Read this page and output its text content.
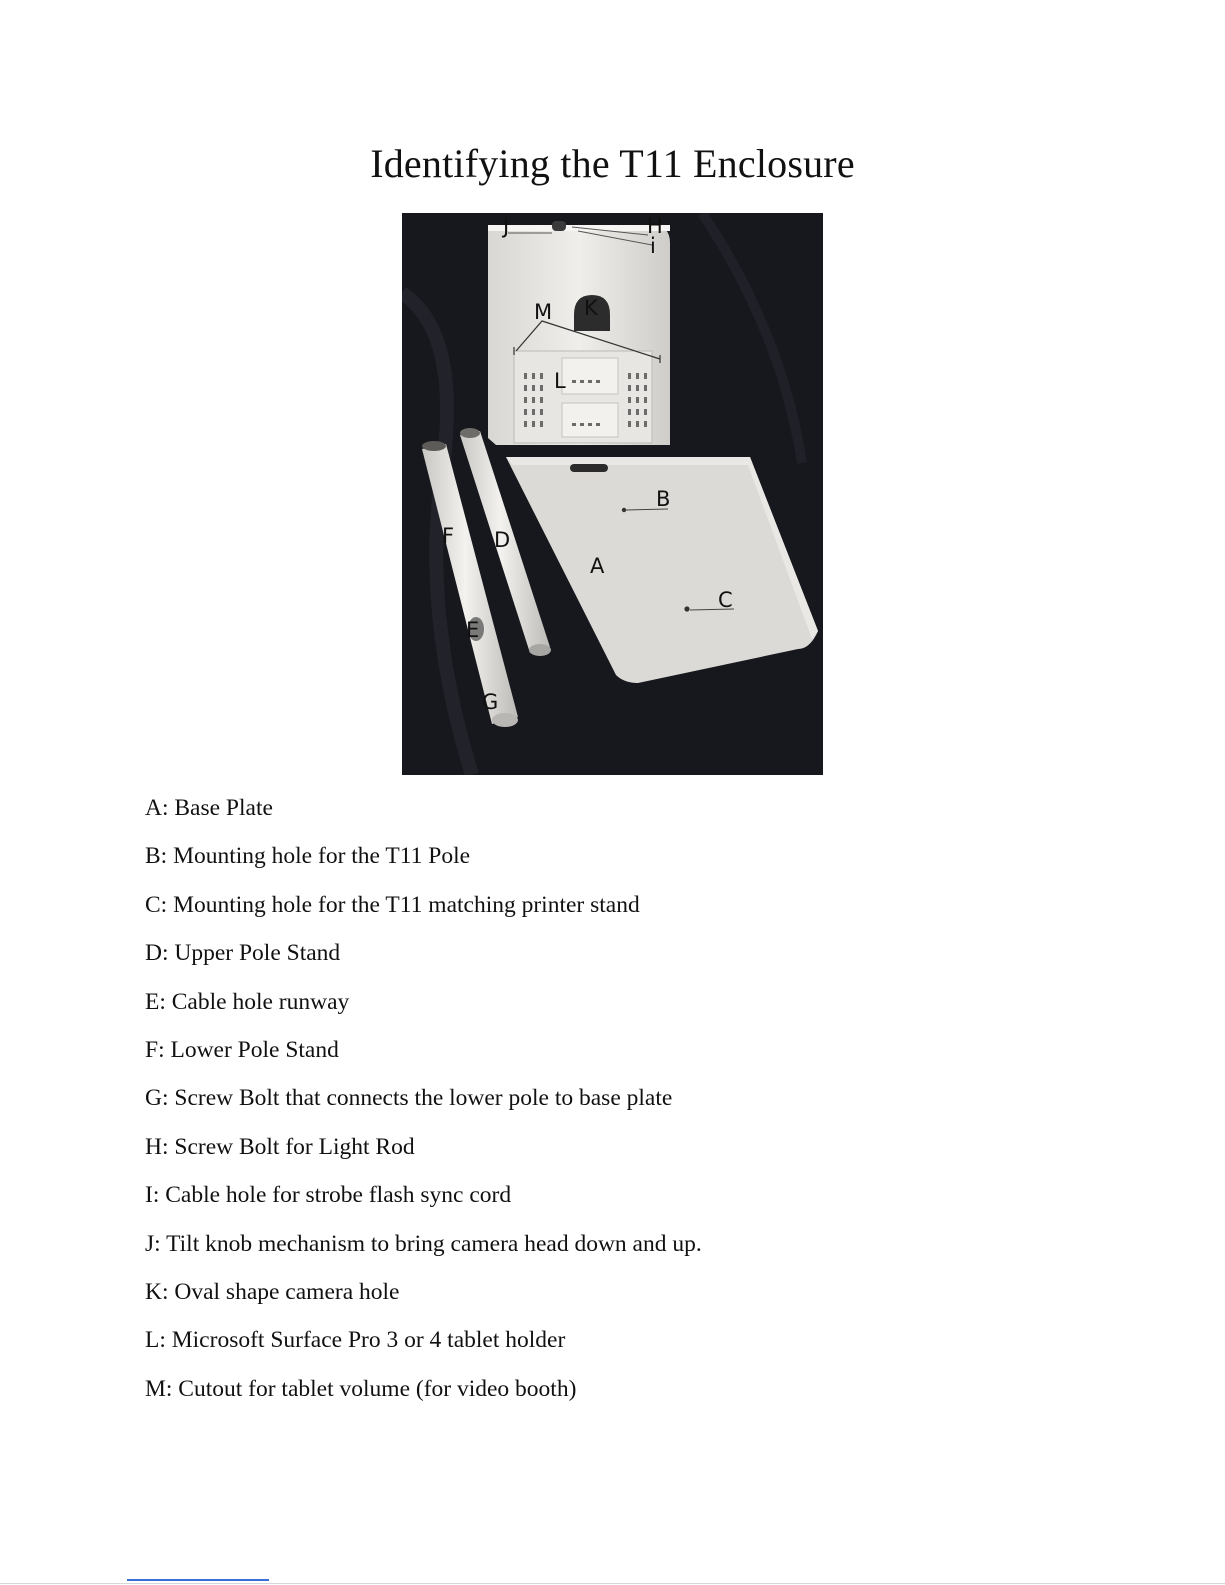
Identifying the T11 Enclosure
J	H
i
M K
L
B
F D
A
C
E
G
A: Base Plate
B: Mounting hole for the T11 Pole
C: Mounting hole for the T11 matching printer stand
D: Upper Pole Stand
E: Cable hole runway
F: Lower Pole Stand
G: Screw Bolt that connects the lower pole to base plate
H: Screw Bolt for Light Rod
I: Cable hole for strobe flash sync cord
J: Tilt knob mechanism to bring camera head down and up.
K: Oval shape camera hole
L: Microsoft Surface Pro 3 or 4 tablet holder
M: Cutout for tablet volume (for video booth)
